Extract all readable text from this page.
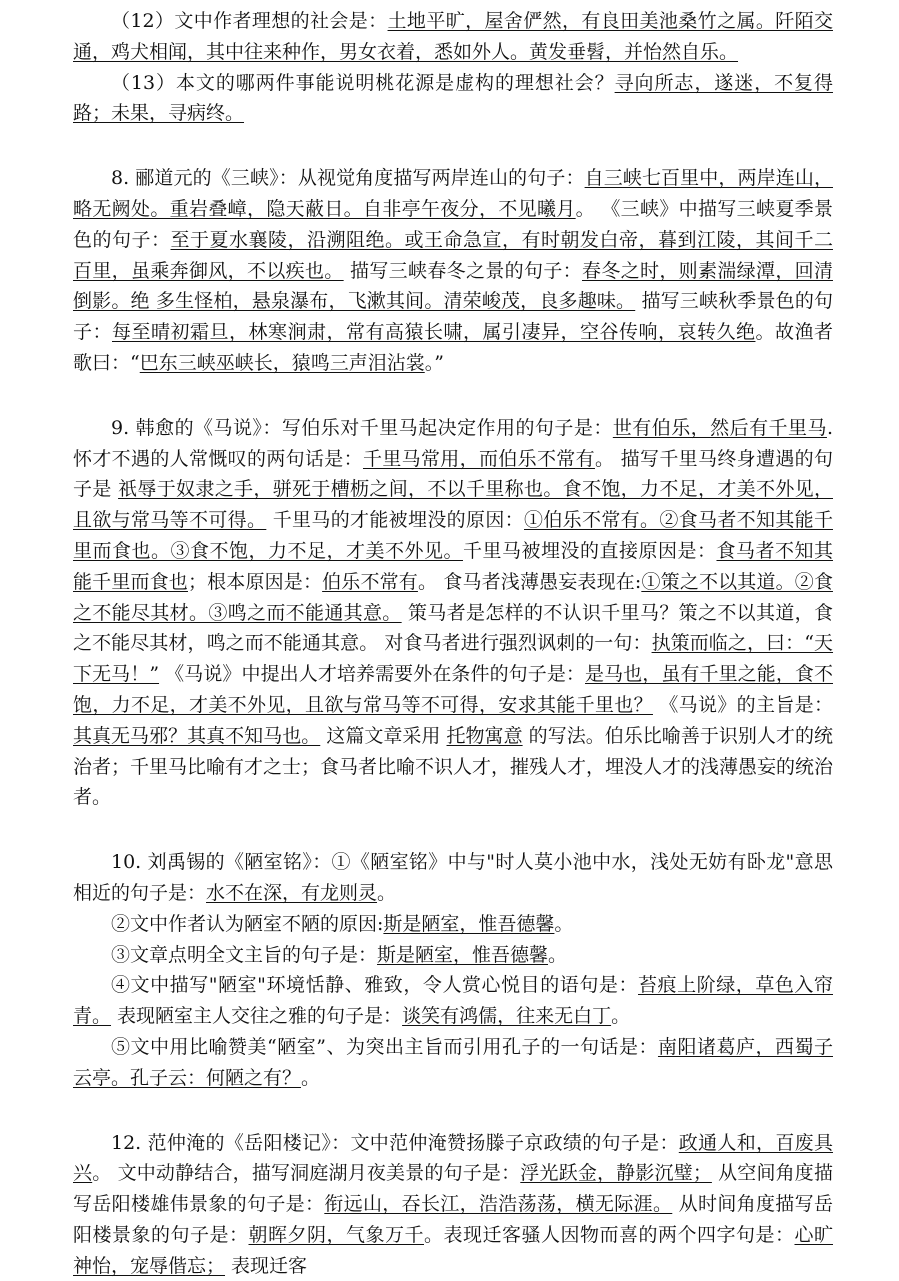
（12）文中作者理想的社会是：土地平旷，屋舍俨然，有良田美池桑竹之属。阡陌交通，鸡犬相闻，其中往来种作，男女衣着，悉如外人。黄发垂髫，并怡然自乐。

（13）本文的哪两件事能说明桃花源是虚构的理想社会？寻向所志，遂迷，不复得路；未果，寻病终。

8. 郦道元的《三峡》：从视觉角度描写两岸连山的句子：自三峡七百里中，两岸连山，略无阙处。重岩叠嶂，隐天蔽日。自非亭午夜分，不见曦月。 《三峡》中描写三峡夏季景色的句子：至于夏水襄陵，沿溯阻绝。或王命急宣，有时朝发白帝，暮到江陵，其间千二百里，虽乘奔御风，不以疾也。 描写三峡春冬之景的句子：春冬之时，则素湍绿潭，回清倒影。绝 多生怪柏，悬泉瀑布，飞漱其间。清荣峻茂，良多趣味。 描写三峡秋季景色的句子：每至晴初霜旦，林寒涧肃，常有高猿长啸，属引凄异，空谷传响，哀转久绝。故渔者歌曰：“巴东三峡巫峡长，猿鸣三声泪沾裳。”

9. 韩愈的《马说》：写伯乐对千里马起决定作用的句子是：世有伯乐，然后有千里马.怀才不遇的人常慨叹的两句话是：千里马常用，而伯乐不常有。 描写千里马终身遭遇的句子是 祇辱于奴隶之手，骈死于槽枥之间，不以千里称也。食不饱，力不足，才美不外见，且欲与常马等不可得。 千里马的才能被埋没的原因：①伯乐不常有。②食马者不知其能千里而食也。③食不饱，力不足，才美不外见。千里马被埋没的直接原因是：食马者不知其能千里而食也；根本原因是：伯乐不常有。 食马者浅薄愚妄表现在:①策之不以其道。②食之不能尽其材。③鸣之而不能通其意。 策马者是怎样的不认识千里马？策之不以其道，食之不能尽其材，鸣之而不能通其意。 对食马者进行强烈讽刺的一句：执策而临之，曰：“天下无马！” 《马说》中提出人才培养需要外在条件的句子是：是马也，虽有千里之能，食不饱，力不足，才美不外见，且欲与常马等不可得，安求其能千里也？ 《马说》的主旨是：其真无马邪？其真不知马也。 这篇文章采用 托物寓意 的写法。伯乐比喻善于识别人才的统治者；千里马比喻有才之士；食马者比喻不识人才，摧残人才，埋没人才的浅薄愚妄的统治者。

10. 刘禹锡的《陋室铭》：①《陋室铭》中与"时人莫小池中水，浅处无妨有卧龙"意思相近的句子是：水不在深，有龙则灵。

②文中作者认为陋室不陋的原因:斯是陋室，惟吾德馨。

③文章点明全文主旨的句子是：斯是陋室，惟吾德馨。

④文中描写"陋室"环境恬静、雅致，令人赏心悦目的语句是：苔痕上阶绿，草色入帘青。 表现陋室主人交往之雅的句子是：谈笑有鸿儒，往来无白丁。

⑤文中用比喻赞美“陋室”、为突出主旨而引用孔子的一句话是：南阳诸葛庐，西蜀子云亭。孔子云：何陋之有？。

12. 范仲淹的《岳阳楼记》：文中范仲淹赞扬滕子京政绩的句子是：政通人和，百废具兴。 文中动静结合，描写洞庭湖月夜美景的句子是：浮光跃金，静影沉璧； 从空间角度描写岳阳楼雄伟景象的句子是：衔远山，吞长江，浩浩荡荡，横无际涯。 从时间角度描写岳阳楼景象的句子是：朝晖夕阴，气象万千。表现迁客骚人因物而喜的两个四字句是：心旷神怡，宠辱偕忘； 表现迁客
